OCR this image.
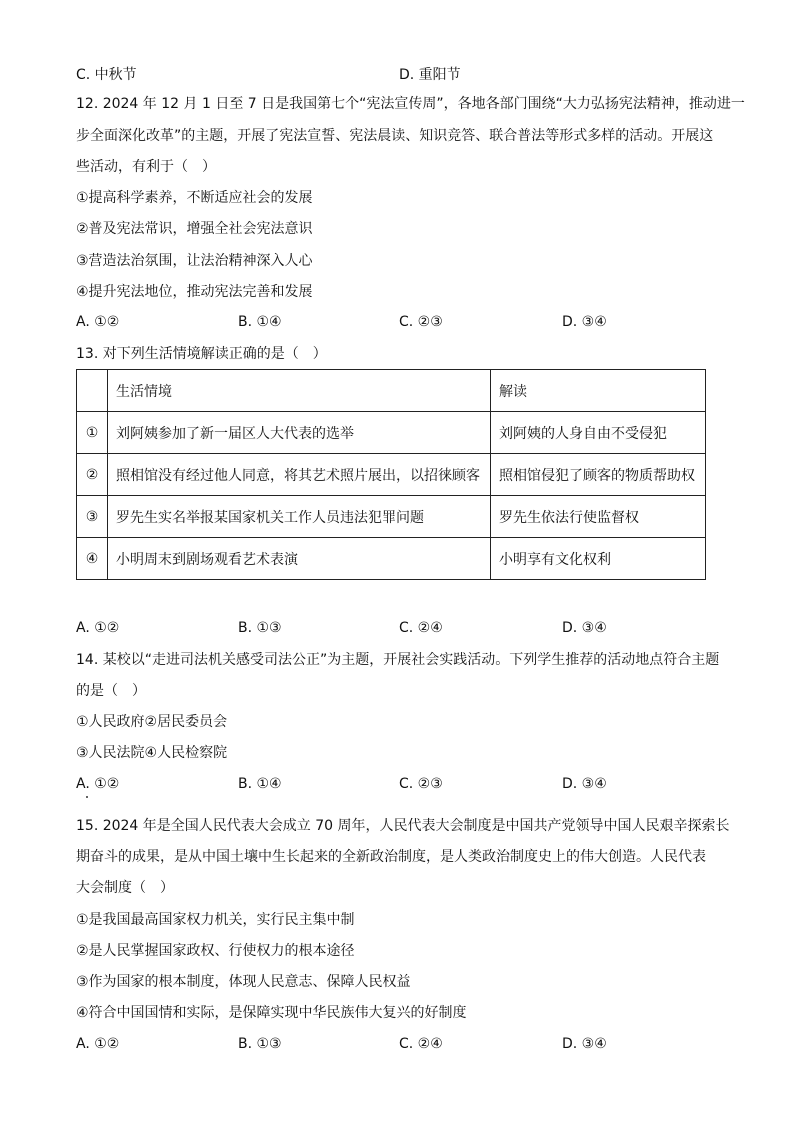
C. 中秋节	D. 重阳节
12. 2024 年 12 月 1 日至 7 日是我国第七个“宪法宣传周”，各地各部门围绕“大力弘扬宪法精神，推动进一
步全面深化改革”的主题，开展了宪法宣誓、宪法晨读、知识竞答、联合普法等形式多样的活动。开展这
些活动，有利于（　）
①提高科学素养，不断适应社会的发展
②普及宪法常识，增强全社会宪法意识
③营造法治氛围，让法治精神深入人心
④提升宪法地位，推动宪法完善和发展
A. ①②	B. ①④	C. ②③	D. ③④
13. 对下列生活情境解读正确的是（　）
	生活情境	解读
①	刘阿姨参加了新一届区人大代表的选举	刘阿姨的人身自由不受侵犯
②	照相馆没有经过他人同意，将其艺术照片展出，以招徕顾客	照相馆侵犯了顾客的物质帮助权
③	罗先生实名举报某国家机关工作人员违法犯罪问题	罗先生依法行使监督权
④	小明周末到剧场观看艺术表演	小明享有文化权利
A. ①②	B. ①③	C. ②④	D. ③④
14. 某校以“走进司法机关感受司法公正”为主题，开展社会实践活动。下列学生推荐的活动地点符合主题
的是（　）
①人民政府②居民委员会
③人民法院④人民检察院
A. ①②	B. ①④	C. ②③	D. ③④
15. 2024 年是全国人民代表大会成立 70 周年，人民代表大会制度是中国共产党领导中国人民艰辛探索长
期奋斗的成果，是从中国土壤中生长起来的全新政治制度，是人类政治制度史上的伟大创造。人民代表
大会制度（　）
①是我国最高国家权力机关，实行民主集中制
②是人民掌握国家政权、行使权力的根本途径
③作为国家的根本制度，体现人民意志、保障人民权益
④符合中国国情和实际，是保障实现中华民族伟大复兴的好制度
A. ①②	B. ①③	C. ②④	D. ③④
